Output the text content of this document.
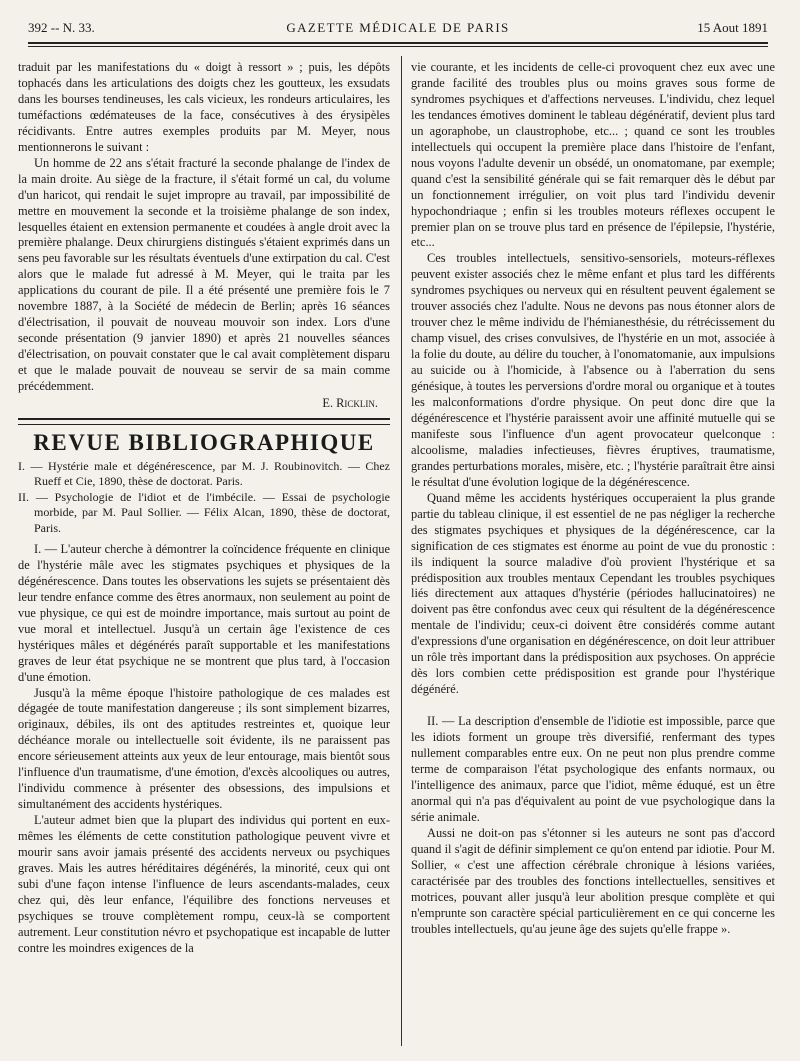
392 -- N. 33.	GAZETTE MÉDICALE DE PARIS	15 Aout 1891

traduit par les manifestations du « doigt à ressort » ; puis, les dépôts tophacés dans les articulations des doigts chez les goutteux, les exsudats dans les bourses tendineuses, les cals vicieux, les rondeurs articulaires, les tuméfactions œdémateuses de la face, consécutives à des érysipèles récidivants. Entre autres exemples produits par M. Meyer, nous mentionnerons le suivant :

Un homme de 22 ans s'était fracturé la seconde phalange de l'index de la main droite. Au siège de la fracture, il s'était formé un cal, du volume d'un haricot, qui rendait le sujet impropre au travail, par impossibilité de mettre en mouvement la seconde et la troisième phalange de son index, lesquelles étaient en extension permanente et coudées à angle droit avec la première phalange. Deux chirurgiens distingués s'étaient exprimés dans un sens peu favorable sur les résultats éventuels d'une extirpation du cal. C'est alors que le malade fut adressé à M. Meyer, qui le traita par les applications du courant de pile. Il a été présenté une première fois le 7 novembre 1887, à la Société de médecin de Berlin; après 16 séances d'électrisation, il pouvait de nouveau mouvoir son index. Lors d'une seconde présentation (9 janvier 1890) et après 21 nouvelles séances d'électrisation, on pouvait constater que le cal avait complètement disparu et que le malade pouvait de nouveau se servir de sa main comme précédemment.

E. Ricklin.
REVUE BIBLIOGRAPHIQUE

I. — Hystérie male et dégénérescence, par M. J. Roubinovitch. — Chez Rueff et Cie, 1890, thèse de doctorat. Paris.

II. — Psychologie de l'idiot et de l'imbécile. — Essai de psychologie morbide, par M. Paul Sollier. — Félix Alcan, 1890, thèse de doctorat, Paris.

I. — L'auteur cherche à démontrer la coïncidence fréquente en clinique de l'hystérie mâle avec les stigmates psychiques et physiques de la dégénérescence. Dans toutes les observations les sujets se présentaient dès leur tendre enfance comme des êtres anormaux, non seulement au point de vue physique, ce qui est de moindre importance, mais surtout au point de vue moral et intellectuel. Jusqu'à un certain âge l'existence de ces hystériques mâles et dégénérés paraît supportable et les manifestations graves de leur état psychique ne se montrent que plus tard, à l'occasion d'une émotion.

Jusqu'à la même époque l'histoire pathologique de ces malades est dégagée de toute manifestation dangereuse ; ils sont simplement bizarres, originaux, débiles, ils ont des aptitudes restreintes et, quoique leur déchéance morale ou intellectuelle soit évidente, ils ne paraissent pas encore sérieusement atteints aux yeux de leur entourage, mais bientôt sous l'influence d'un traumatisme, d'une émotion, d'excès alcooliques ou autres, l'individu commence à présenter des obsessions, des impulsions et simultanément des accidents hystériques.

L'auteur admet bien que la plupart des individus qui portent en eux-mêmes les éléments de cette constitution pathologique peuvent vivre et mourir sans avoir jamais présenté des accidents nerveux ou psychiques graves. Mais les autres héréditaires dégénérés, la minorité, ceux qui ont subi d'une façon intense l'influence de leurs ascendants-malades, ceux chez qui, dès leur enfance, l'équilibre des fonctions nerveuses et psychiques se trouve complètement rompu, ceux-là se comportent autrement. Leur constitution névro et psychopatique est incapable de lutter contre les moindres exigences de la

vie courante, et les incidents de celle-ci provoquent chez eux avec une grande facilité des troubles plus ou moins graves sous forme de syndromes psychiques et d'affections nerveuses. L'individu, chez lequel les tendances émotives dominent le tableau dégénératif, devient plus tard un agoraphobe, un claustrophobe, etc... ; quand ce sont les troubles intellectuels qui occupent la première place dans l'histoire de l'enfant, nous voyons l'adulte devenir un obsédé, un onomatomane, par exemple; quand c'est la sensibilité générale qui se fait remarquer dès le début par un fonctionnement irrégulier, on voit plus tard l'individu devenir hypochondriaque ; enfin si les troubles moteurs réflexes occupent le premier plan on se trouve plus tard en présence de l'épilepsie, l'hystérie, etc...

Ces troubles intellectuels, sensitivo-sensoriels, moteurs-réflexes peuvent exister associés chez le même enfant et plus tard les différents syndromes psychiques ou nerveux qui en résultent peuvent également se trouver associés chez l'adulte. Nous ne devons pas nous étonner alors de trouver chez le même individu de l'hémianesthésie, du rétrécissement du champ visuel, des crises convulsives, de l'hystérie en un mot, associée à la folie du doute, au délire du toucher, à l'onomatomanie, aux impulsions au suicide ou à l'homicide, à l'absence ou à l'aberration du sens génésique, à toutes les perversions d'ordre moral ou organique et à toutes les malconformations d'ordre physique. On peut donc dire que la dégénérescence et l'hystérie paraissent avoir une affinité mutuelle qui se manifeste sous l'influence d'un agent provocateur quelconque : alcoolisme, maladies infectieuses, fièvres éruptives, traumatisme, grandes perturbations morales, misère, etc. ; l'hystérie paraîtrait être ainsi le résultat d'une évolution logique de la dégénérescence.

Quand même les accidents hystériques occuperaient la plus grande partie du tableau clinique, il est essentiel de ne pas négliger la recherche des stigmates psychiques et physiques de la dégénérescence, car la signification de ces stigmates est énorme au point de vue du pronostic : ils indiquent la source maladive d'où provient l'hystérique et sa prédisposition aux troubles mentaux Cependant les troubles psychiques liés directement aux attaques d'hystérie (périodes hallucinatoires) ne doivent pas être confondus avec ceux qui résultent de la dégénérescence mentale de l'individu; ceux-ci doivent être considérés comme autant d'expressions d'une organisation en dégénérescence, on doit leur attribuer un rôle très important dans la prédisposition aux psychoses. On apprécie dès lors combien cette prédisposition est grande pour l'hystérique dégénéré.

II. — La description d'ensemble de l'idiotie est impossible, parce que les idiots forment un groupe très diversifié, renfermant des types nullement comparables entre eux. On ne peut non plus prendre comme terme de comparaison l'état psychologique des enfants normaux, ou l'intelligence des animaux, parce que l'idiot, même éduqué, est un être anormal qui n'a pas d'équivalent au point de vue psychologique dans la série animale.

Aussi ne doit-on pas s'étonner si les auteurs ne sont pas d'accord quand il s'agit de définir simplement ce qu'on entend par idiotie. Pour M. Sollier, « c'est une affection cérébrale chronique à lésions variées, caractérisée par des troubles des fonctions intellectuelles, sensitives et motrices, pouvant aller jusqu'à leur abolition presque complète et qui n'emprunte son caractère spécial particulièrement en ce qui concerne les troubles intellectuels, qu'au jeune âge des sujets qu'elle frappe ».
